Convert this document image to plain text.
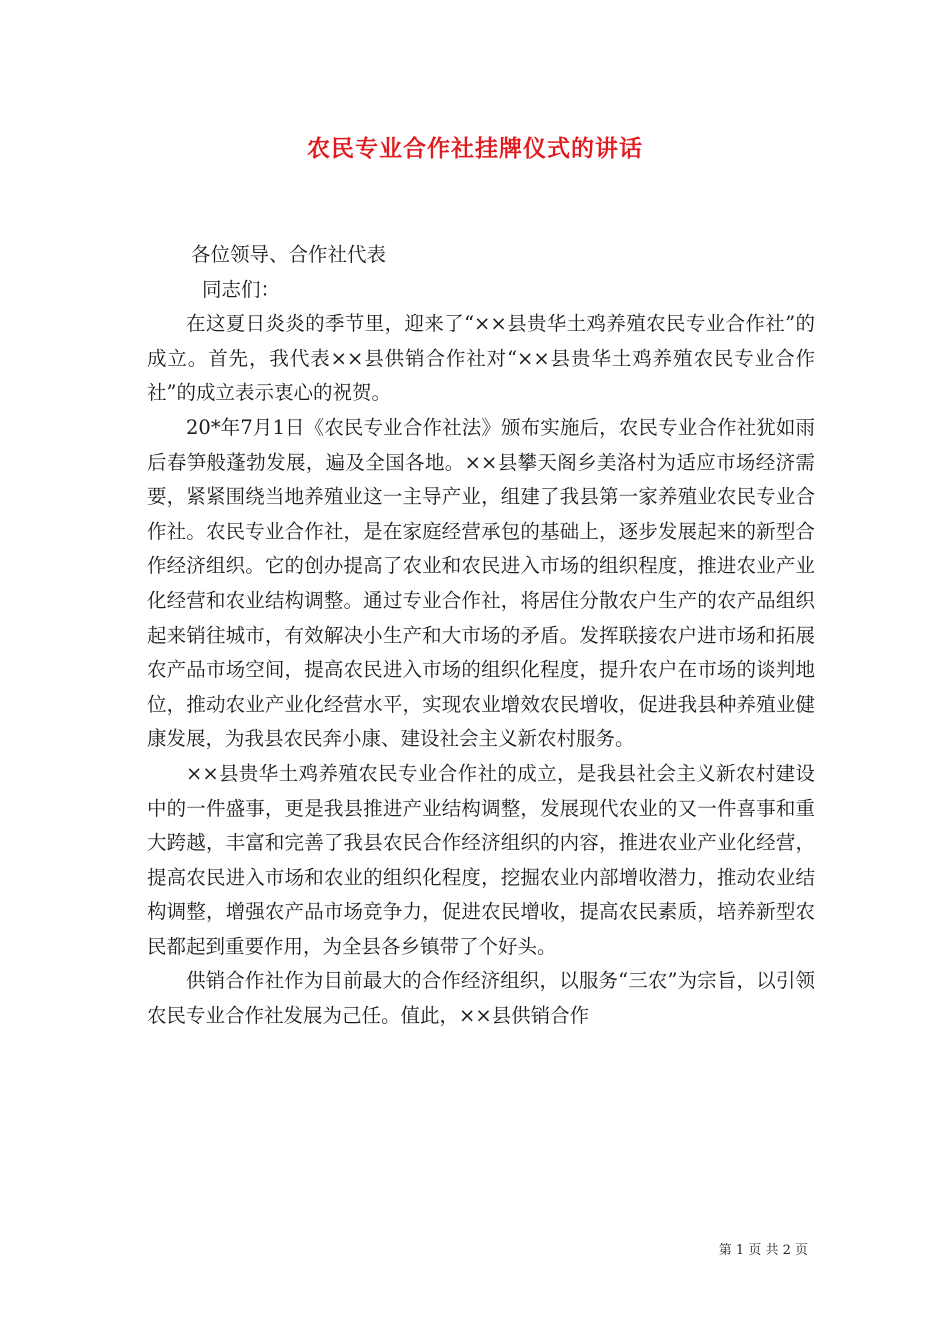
农民专业合作社挂牌仪式的讲话

各位领导、合作社代表

同志们：

在这夏日炎炎的季节里，迎来了“××县贵华土鸡养殖农民专业合作社”的成立。首先，我代表××县供销合作社对“××县贵华土鸡养殖农民专业合作社”的成立表示衷心的祝贺。

20*年7月1日《农民专业合作社法》颁布实施后，农民专业合作社犹如雨后春笋般蓬勃发展，遍及全国各地。××县攀天阁乡美洛村为适应市场经济需要，紧紧围绕当地养殖业这一主导产业，组建了我县第一家养殖业农民专业合作社。农民专业合作社，是在家庭经营承包的基础上，逐步发展起来的新型合作经济组织。它的创办提高了农业和农民进入市场的组织程度，推进农业产业化经营和农业结构调整。通过专业合作社，将居住分散农户生产的农产品组织起来销往城市，有效解决小生产和大市场的矛盾。发挥联接农户进市场和拓展农产品市场空间，提高农民进入市场的组织化程度，提升农户在市场的谈判地位，推动农业产业化经营水平，实现农业增效农民增收，促进我县种养殖业健康发展，为我县农民奔小康、建设社会主义新农村服务。

××县贵华土鸡养殖农民专业合作社的成立，是我县社会主义新农村建设中的一件盛事，更是我县推进产业结构调整，发展现代农业的又一件喜事和重大跨越，丰富和完善了我县农民合作经济组织的内容，推进农业产业化经营，提高农民进入市场和农业的组织化程度，挖掘农业内部增收潜力，推动农业结构调整，增强农产品市场竞争力，促进农民增收，提高农民素质，培养新型农民都起到重要作用，为全县各乡镇带了个好头。

供销合作社作为目前最大的合作经济组织，以服务“三农”为宗旨，以引领农民专业合作社发展为己任。值此，××县供销合作

第 1 页 共 2 页
